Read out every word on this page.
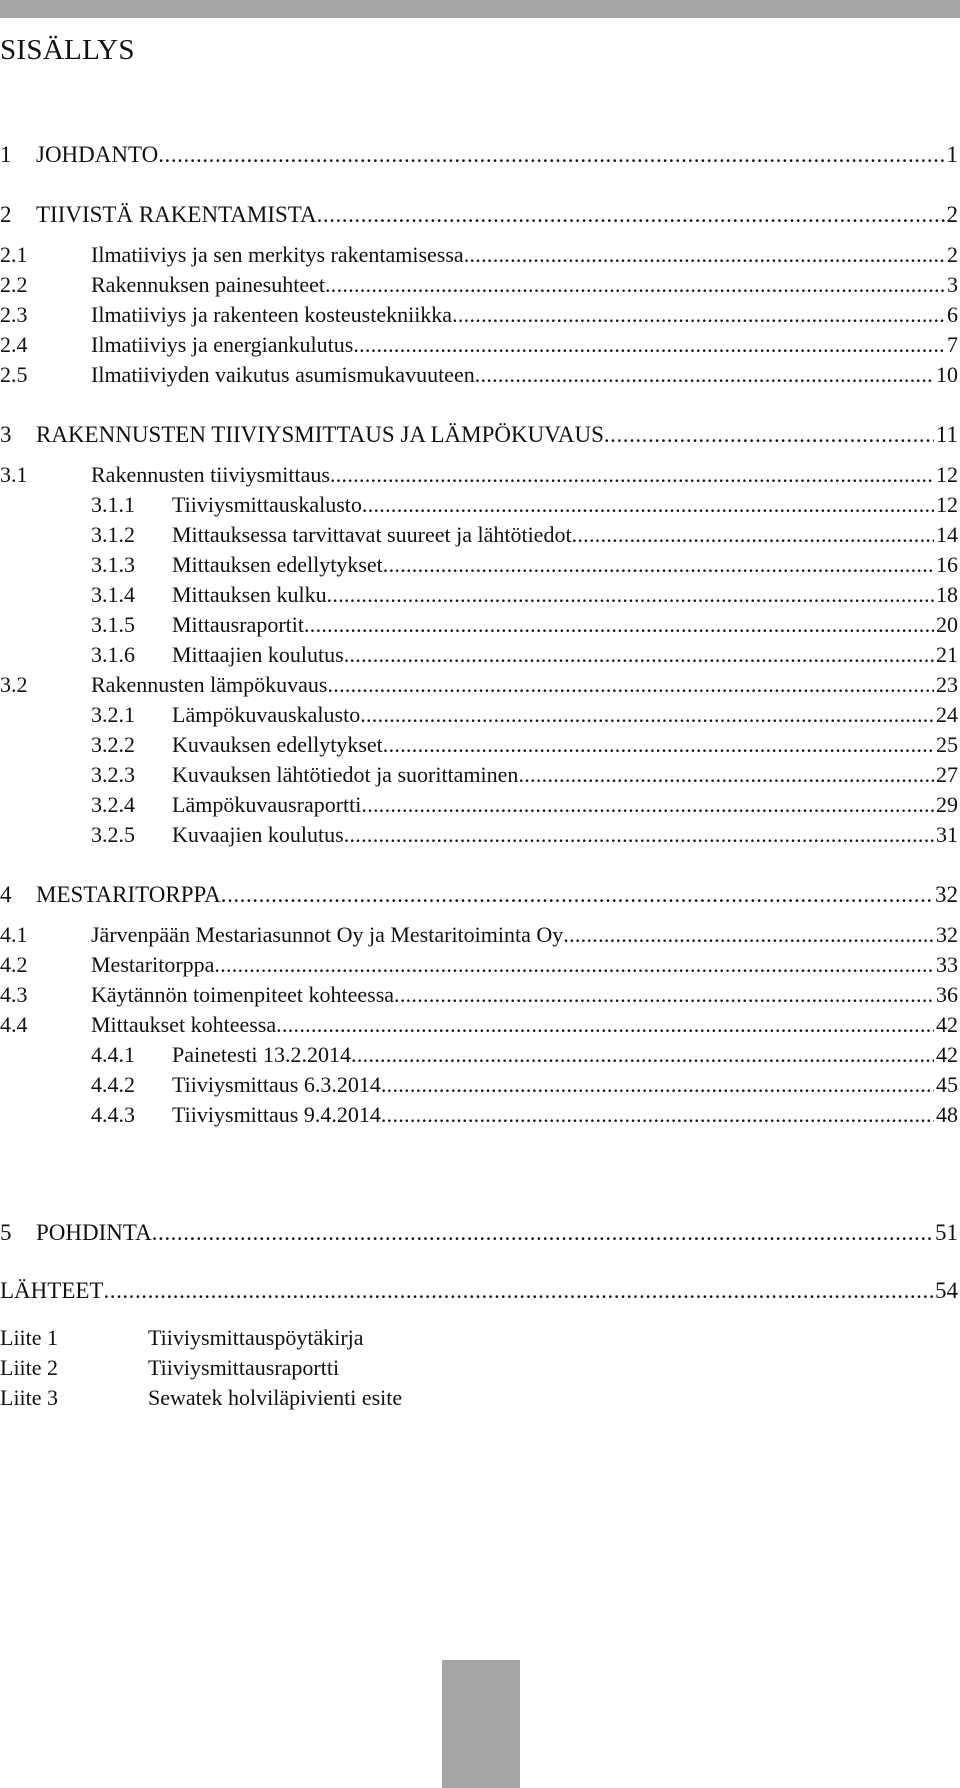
SISÄLLYS
1	JOHDANTO . . .	1
2	TIIVISTÄ RAKENTAMISTA . . .	2
2.1	Ilmatiiviys ja sen merkitys rakentamisessa . . .	2
2.2	Rakennuksen painesuhteet . . .	3
2.3	Ilmatiiviys ja rakenteen kosteustekniikka . . .	6
2.4	Ilmatiiviys ja energiankulutus . . .	7
2.5	Ilmatiiviyden vaikutus asumismukavuuteen . . .	10
3	RAKENNUSTEN TIIVIYSMITTAUS JA LÄMPÖKUVAUS . . .	11
3.1	Rakennusten tiiviysmittaus . . .	12
3.1.1	Tiiviysmittauskalusto . . .	12
3.1.2	Mittauksessa tarvittavat suureet ja lähtötiedot . . .	14
3.1.3	Mittauksen edellytykset . . .	16
3.1.4	Mittauksen kulku . . .	18
3.1.5	Mittausraportit . . .	20
3.1.6	Mittaajien koulutus . . .	21
3.2	Rakennusten lämpökuvaus . . .	23
3.2.1	Lämpökuvauskalusto . . .	24
3.2.2	Kuvauksen edellytykset . . .	25
3.2.3	Kuvauksen lähtötiedot ja suorittaminen . . .	27
3.2.4	Lämpökuvausraportti . . .	29
3.2.5	Kuvaajien koulutus . . .	31
4	MESTARITORPPA . . .	32
4.1	Järvenpään Mestariasunnot Oy ja Mestaritoiminta Oy . . .	32
4.2	Mestaritorppa . . .	33
4.3	Käytännön toimenpiteet kohteessa . . .	36
4.4	Mittaukset kohteessa . . .	42
4.4.1	Painetesti 13.2.2014 . . .	42
4.4.2	Tiiviysmittaus 6.3.2014 . . .	45
4.4.3	Tiiviysmittaus 9.4.2014 . . .	48
5	POHDINTA . . .	51
LÄHTEET . . .	54
Liite 1	Tiiviysmittauspöytäkirja
Liite 2	Tiiviysmittausraportti
Liite 3	Sewatek holviläpivienti esite
